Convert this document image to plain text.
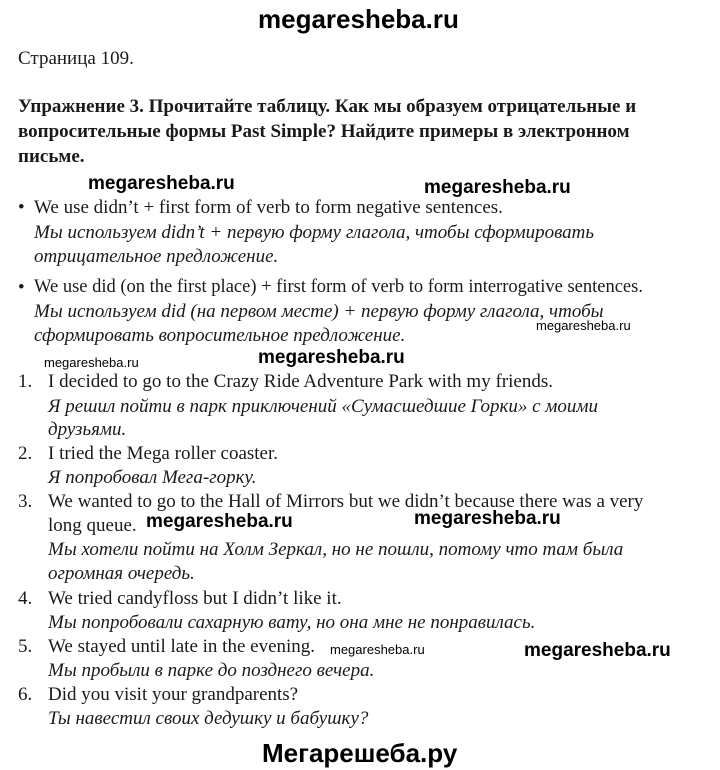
megaresheba.ru
Страница 109.
Упражнение 3. Прочитайте таблицу. Как мы образуем отрицательные и
вопросительные формы Past Simple? Найдите примеры в электронном
письме.
megaresheba.ru	megaresheba.ru
• We use didn’t + first form of verb to form negative sentences.
Мы используем didn’t + первую форму глагола, чтобы сформировать
отрицательное предложение.
• We use did (on the first place) + first form of verb to form interrogative sentences.
Мы используем did (на первом месте) + первую форму глагола, чтобы
сформировать вопросительное предложение.	megaresheba.ru
megaresheba.ru	megaresheba.ru
1. I decided to go to the Crazy Ride Adventure Park with my friends.
Я решил пойти в парк приключений «Сумасшедшие Горки» с моими
друзьями.
2. I tried the Mega roller coaster.
Я попробовал Мега-горку.
3. We wanted to go to the Hall of Mirrors but we didn’t because there was a very
long queue. megaresheba.ru	megaresheba.ru
Мы хотели пойти на Холм Зеркал, но не пошли, потому что там была
огромная очередь.
4. We tried candyfloss but I didn’t like it.
Мы попробовали сахарную вату, но она мне не понравилась.
5. We stayed until late in the evening. megaresheba.ru	megaresheba.ru
Мы пробыли в парке до позднего вечера.
6. Did you visit your grandparents?
Ты навестил своих дедушку и бабушку?
Мегарешеба.ру
